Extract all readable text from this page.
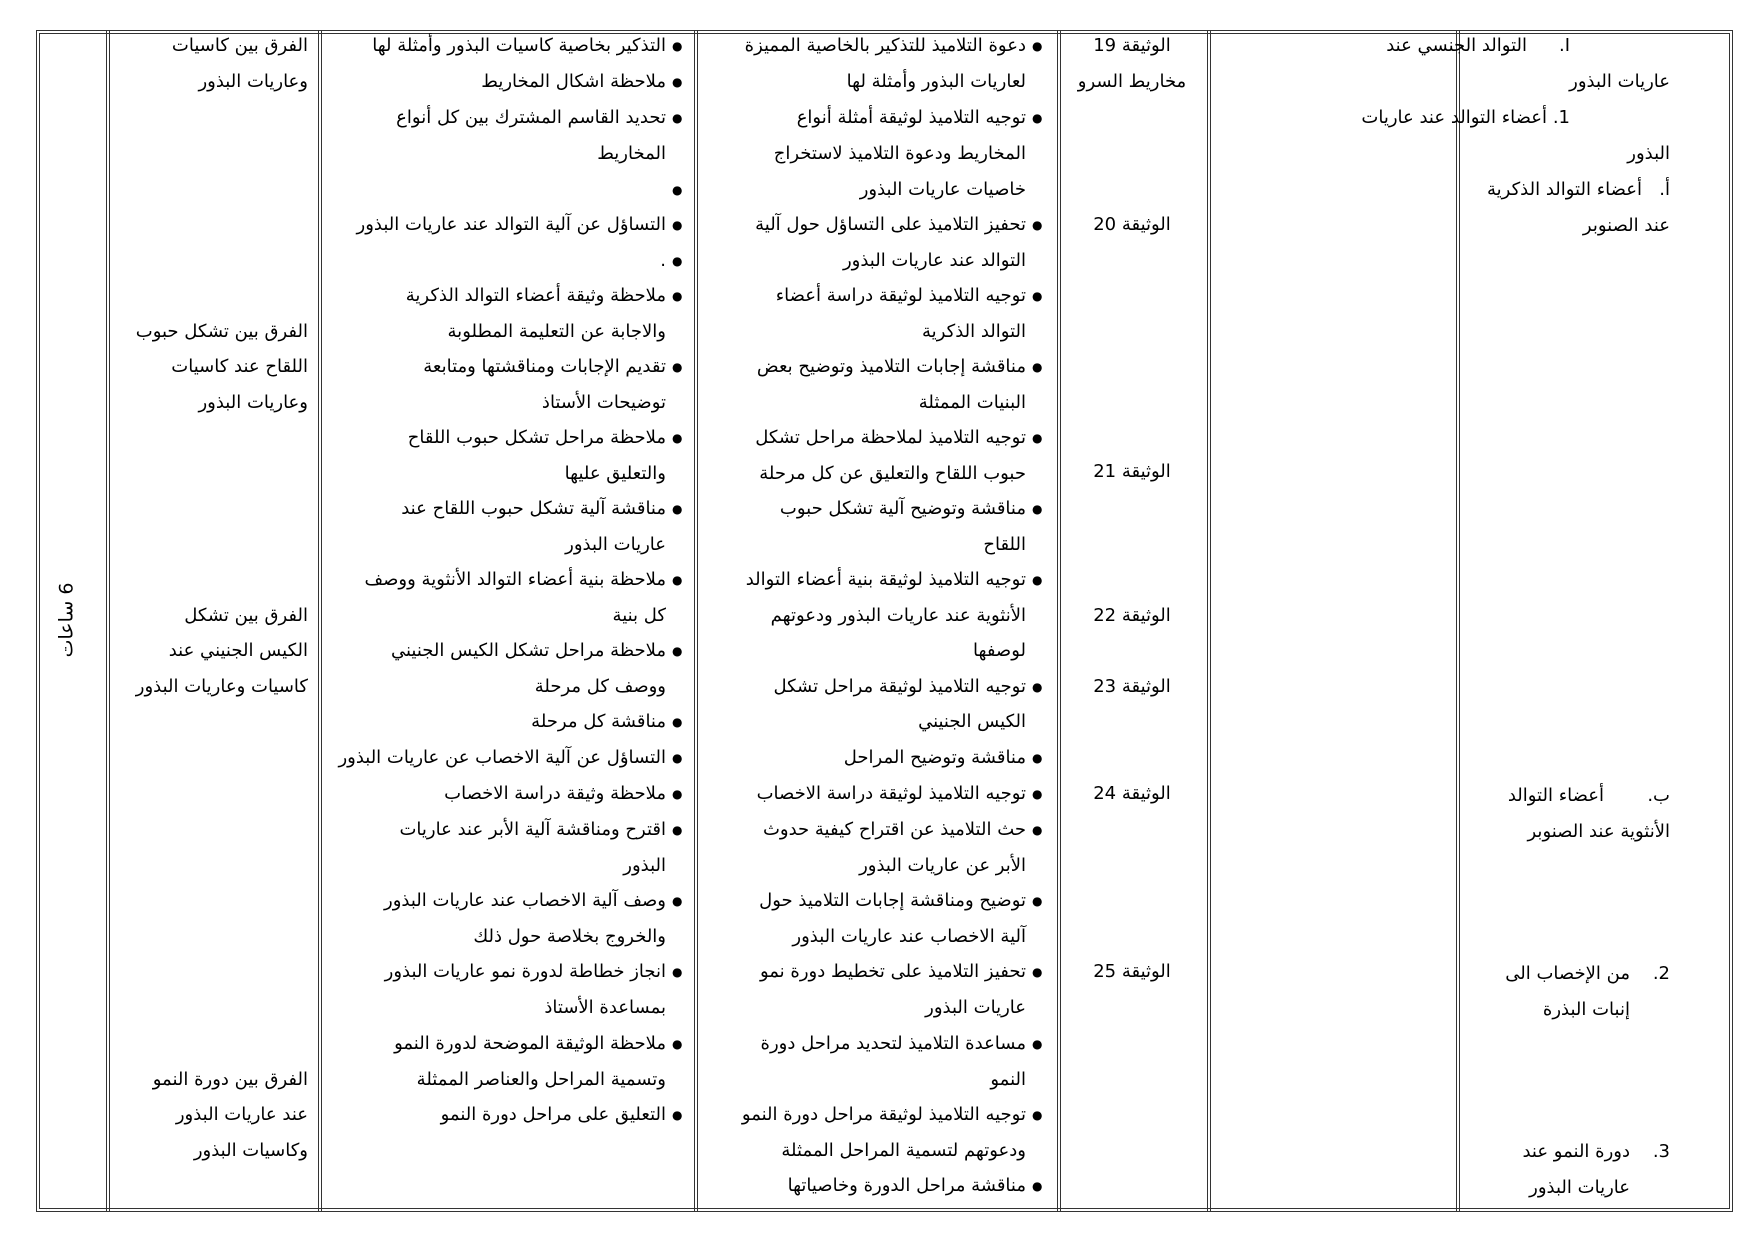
6 ساعات
I.
التوالد الجنسي عند
عاريات البذور
1.
أعضاء التوالد عند عاريات
البذور
أ.
أعضاء التوالد الذكرية
عند الصنوبر
ب.
أعضاء التوالد
الأنثوية عند الصنوبر
2.
من الإخصاب الى
إنبات البذرة
3.
دورة النمو عند
عاريات البذور
الوثيقة 19
مخاريط السرو
الوثيقة 20
الوثيقة 21
الوثيقة 22
الوثيقة 23
الوثيقة 24
الوثيقة 25
●
دعوة التلاميذ للتذكير بالخاصية المميزة
لعاريات البذور وأمثلة لها
●
توجيه التلاميذ لوثيقة أمثلة أنواع
المخاريط ودعوة التلاميذ لاستخراج
خاصيات عاريات البذور
●
تحفيز التلاميذ على التساؤل حول آلية
التوالد عند عاريات البذور
●
توجيه التلاميذ لوثيقة دراسة أعضاء
التوالد الذكرية
●
مناقشة إجابات التلاميذ وتوضيح بعض
البنيات الممثلة
●
توجيه التلاميذ لملاحظة مراحل تشكل
حبوب اللقاح والتعليق عن كل مرحلة
●
مناقشة وتوضيح آلية تشكل حبوب
اللقاح
●
توجيه التلاميذ لوثيقة بنية أعضاء التوالد
الأنثوية عند عاريات البذور ودعوتهم
لوصفها
●
توجيه التلاميذ لوثيقة مراحل تشكل
الكيس الجنيني
●
مناقشة وتوضيح المراحل
●
توجيه التلاميذ لوثيقة دراسة الاخصاب
●
حث التلاميذ عن اقتراح كيفية حدوث
الأبر عن عاريات البذور
●
توضيح ومناقشة إجابات التلاميذ حول
آلية الاخصاب عند عاريات البذور
●
تحفيز التلاميذ على تخطيط دورة نمو
عاريات البذور
●
مساعدة التلاميذ لتحديد مراحل دورة
النمو
●
توجيه التلاميذ لوثيقة مراحل دورة النمو
ودعوتهم لتسمية المراحل الممثلة
●
مناقشة مراحل الدورة وخاصياتها
●
التذكير بخاصية كاسيات البذور وأمثلة لها
●
ملاحظة اشكال المخاريط
●
تحديد القاسم المشترك بين كل أنواع
المخاريط
●
●
التساؤل عن آلية التوالد عند عاريات البذور
●
.
●
ملاحظة وثيقة أعضاء التوالد الذكرية
والاجابة عن التعليمة المطلوبة
●
تقديم الإجابات ومناقشتها ومتابعة
توضيحات الأستاذ
●
ملاحظة مراحل تشكل حبوب اللقاح
والتعليق عليها
●
مناقشة آلية تشكل حبوب اللقاح عند
عاريات البذور
●
ملاحظة بنية أعضاء التوالد الأنثوية ووصف
كل بنية
●
ملاحظة مراحل تشكل الكيس الجنيني
ووصف كل مرحلة
●
مناقشة كل مرحلة
●
التساؤل عن آلية الاخصاب عن عاريات البذور
●
ملاحظة وثيقة دراسة الاخصاب
●
اقترح ومناقشة آلية الأبر عند عاريات
البذور
●
وصف آلية الاخصاب عند عاريات البذور
والخروج بخلاصة حول ذلك
●
انجاز خطاطة لدورة نمو عاريات البذور
بمساعدة الأستاذ
●
ملاحظة الوثيقة الموضحة لدورة النمو
وتسمية المراحل والعناصر الممثلة
●
التعليق على مراحل دورة النمو
الفرق بين كاسيات
وعاريات البذور
الفرق بين تشكل حبوب
اللقاح عند كاسيات
وعاريات البذور
الفرق بين تشكل
الكيس الجنيني عند
كاسيات وعاريات البذور
الفرق بين دورة النمو
عند عاريات البذور
وكاسيات البذور
